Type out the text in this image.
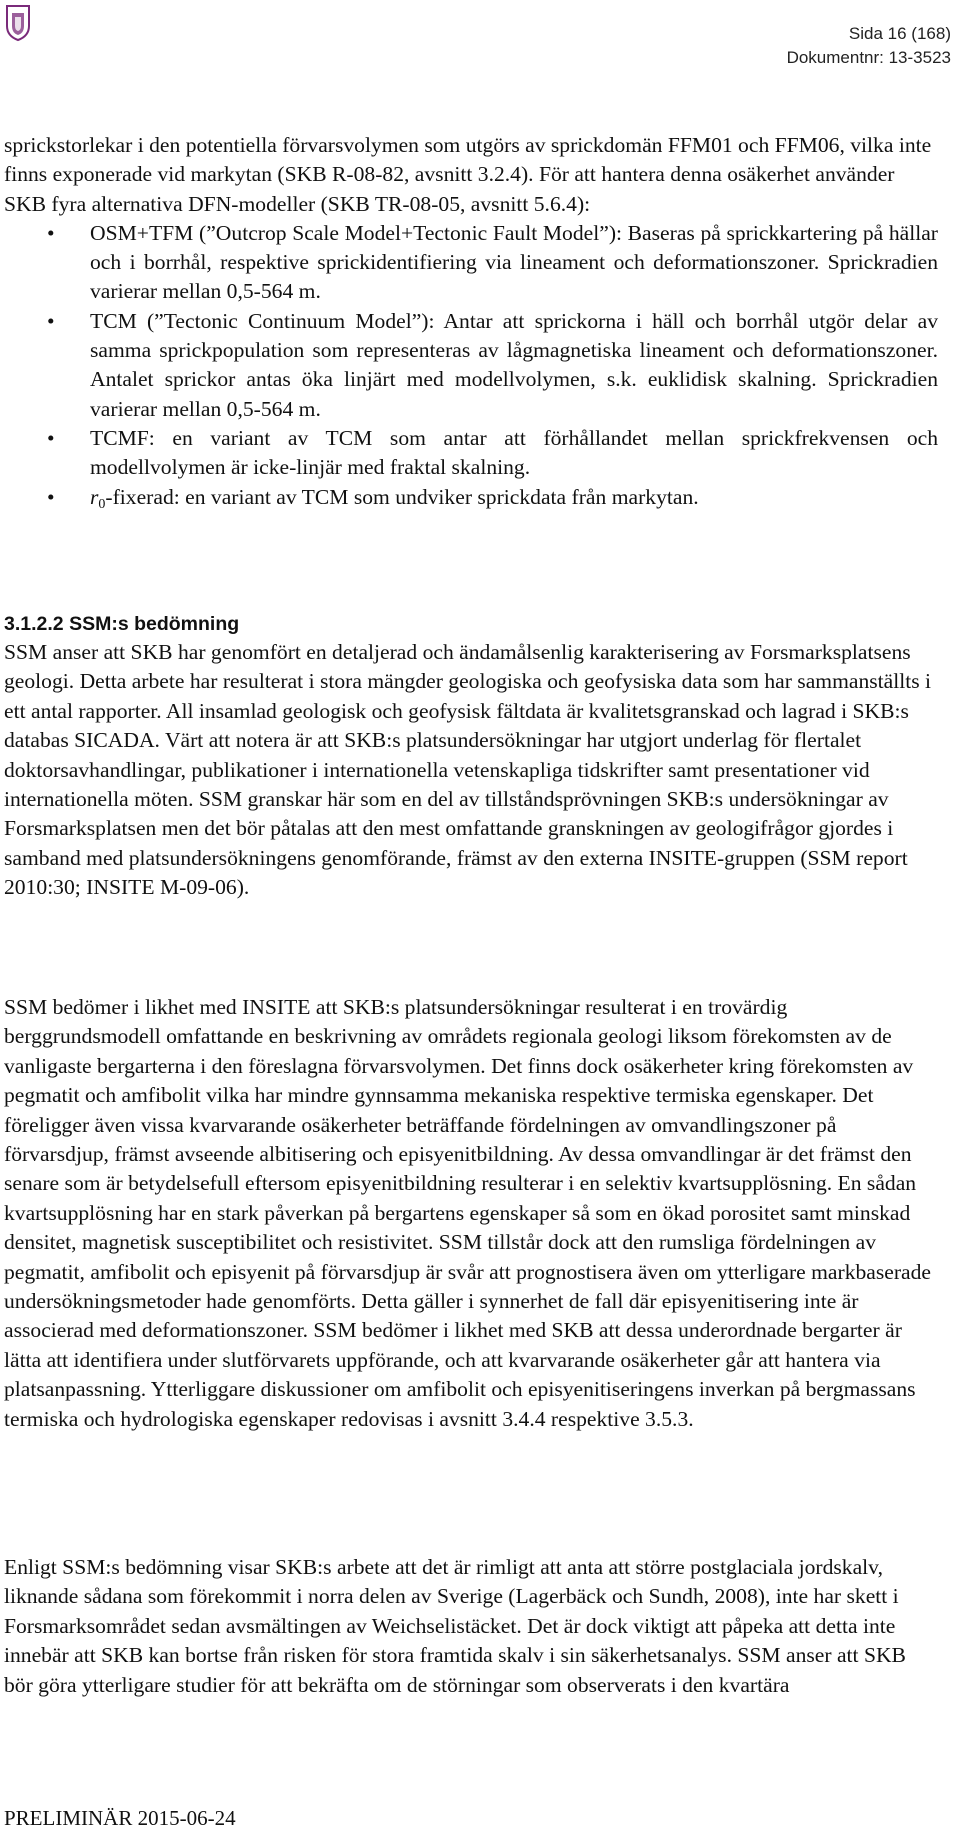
Sida 16 (168)
Dokumentnr: 13-3523

sprickstorlekar i den potentiella förvarsvolymen som utgörs av sprickdomän FFM01 och FFM06, vilka inte finns exponerade vid markytan (SKB R-08-82, avsnitt 3.2.4). För att hantera denna osäkerhet använder SKB fyra alternativa DFN-modeller (SKB TR-08-05, avsnitt 5.6.4):

• OSM+TFM (”Outcrop Scale Model+Tectonic Fault Model”): Baseras på sprickkartering på hällar och i borrhål, respektive sprickidentifiering via lineament och deformationszoner. Sprickradien varierar mellan 0,5-564 m.
• TCM (”Tectonic Continuum Model”): Antar att sprickorna i häll och borrhål utgör delar av samma sprickpopulation som representeras av lågmagnetiska lineament och deformationszoner. Antalet sprickor antas öka linjärt med modellvolymen, s.k. euklidisk skalning. Sprickradien varierar mellan 0,5-564 m.
• TCMF: en variant av TCM som antar att förhållandet mellan sprickfrekvensen och modellvolymen är icke-linjär med fraktal skalning.
• $r_0$-fixerad: en variant av TCM som undviker sprickdata från markytan.
3.1.2.2 SSM:s bedömning

SSM anser att SKB har genomfört en detaljerad och ändamålsenlig karakterisering av Forsmarksplatsens geologi. Detta arbete har resulterat i stora mängder geologiska och geofysiska data som har sammanställts i ett antal rapporter. All insamlad geologisk och geofysisk fältdata är kvalitetsgranskad och lagrad i SKB:s databas SICADA. Värt att notera är att SKB:s platsundersökningar har utgjort underlag för flertalet doktorsavhandlingar, publikationer i internationella vetenskapliga tidskrifter samt presentationer vid internationella möten. SSM granskar här som en del av tillståndsprövningen SKB:s undersökningar av Forsmarksplatsen men det bör påtalas att den mest omfattande granskningen av geologifrågor gjordes i samband med platsundersökningens genomförande, främst av den externa INSITE-gruppen (SSM report 2010:30; INSITE M-09-06).

SSM bedömer i likhet med INSITE att SKB:s platsundersökningar resulterat i en trovärdig berggrundsmodell omfattande en beskrivning av områdets regionala geologi liksom förekomsten av de vanligaste bergarterna i den föreslagna förvarsvolymen. Det finns dock osäkerheter kring förekomsten av pegmatit och amfibolit vilka har mindre gynnsamma mekaniska respektive termiska egenskaper. Det föreligger även vissa kvarvarande osäkerheter beträffande fördelningen av omvandlingszoner på förvarsdjup, främst avseende albitisering och episyenitbildning. Av dessa omvandlingar är det främst den senare som är betydelsefull eftersom episyenitbildning resulterar i en selektiv kvartsupplösning. En sådan kvartsupplösning har en stark påverkan på bergartens egenskaper så som en ökad porositet samt minskad densitet, magnetisk susceptibilitet och resistivitet. SSM tillstår dock att den rumsliga fördelningen av pegmatit, amfibolit och episyenit på förvarsdjup är svår att prognostisera även om ytterligare markbaserade undersökningsmetoder hade genomförts. Detta gäller i synnerhet de fall där episyenitisering inte är associerad med deformationszoner. SSM bedömer i likhet med SKB att dessa underordnade bergarter är lätta att identifiera under slutförvarets uppförande, och att kvarvarande osäkerheter går att hantera via platsanpassning. Ytterliggare diskussioner om amfibolit och episyenitiseringens inverkan på bergmassans termiska och hydrologiska egenskaper redovisas i avsnitt 3.4.4 respektive 3.5.3.

Enligt SSM:s bedömning visar SKB:s arbete att det är rimligt att anta att större postglaciala jordskalv, liknande sådana som förekommit i norra delen av Sverige (Lagerbäck och Sundh, 2008), inte har skett i Forsmarksområdet sedan avsmältingen av Weichselistäcket. Det är dock viktigt att påpeka att detta inte innebär att SKB kan bortse från risken för stora framtida skalv i sin säkerhetsanalys. SSM anser att SKB bör göra ytterligare studier för att bekräfta om de störningar som observerats i den kvartära

PRELIMINÄR 2015-06-24
